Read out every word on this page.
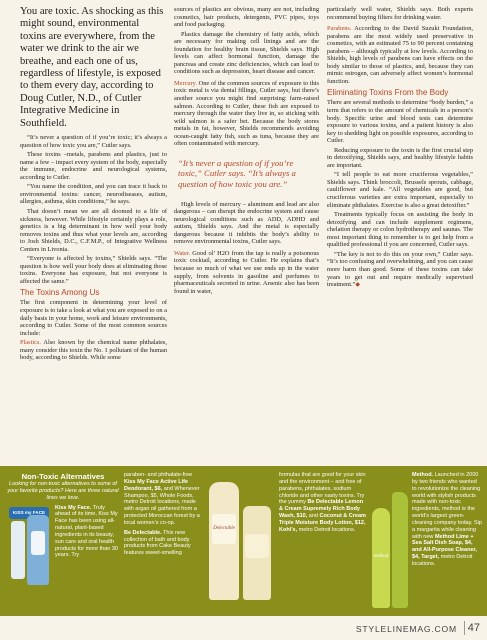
You are toxic. As shocking as this might sound, environmental toxins are everywhere, from the water we drink to the air we breathe, and each one of us, regardless of lifestyle, is exposed to them every day, according to Doug Cutler, N.D., of Cutler Integrative Medicine in Southfield.

“It’s never a question of if you’re toxic; it’s always a question of how toxic you are,” Cutler says.

These toxins –metals, parabens and plastics, just to name a few – impact every system of the body, especially the immune, endocrine and neurological systems, according to Cutler.

“You name the condition, and you can trace it back to environmental toxins: cancer, neurodiseases, autism, allergies, asthma, skin conditions,” he says.

That doesn’t mean we are all doomed to a life of sickness, however. While lifestyle certainly plays a role, genetics is a big determinant in how well your body removes toxins and thus what your levels are, according to Josh Shields, D.C., C.F.M.P., of Integrative Wellness Centers in Livonia.

“Everyone is affected by toxins,” Shields says. “The question is how well your body does at eliminating those toxins. Everyone has exposure, but not everyone is affected the same.”

The Toxins Among Us

The first component in determining your level of exposure is to take a look at what you are exposed to on a daily basis in your home, work and leisure environments, according to Cutler. Some of the most common sources include:

Plastics. Also known by the chemical name phthalates, many consider this toxin the No. 1 pollutant of the human body, according to Shields. While some

sources of plastics are obvious, many are not, including cosmetics, hair products, detergents, PVC pipes, toys and food packaging.

Plastics damage the chemistry of fatty acids, which are necessary for making cell linings and are the foundation for healthy brain tissue, Shields says. High levels can affect hormonal function, damage the pancreas and create zinc deficiencies, which can lead to conditions such as depression, heart disease and cancer.

Mercury. One of the common sources of exposure to this toxic metal is via dental fillings, Cutler says, but there’s another source you might find surprising: farm-raised salmon. According to Cutler, these fish are exposed to mercury through the water they live in, so sticking with wild salmon is a safer bet. Because the body stores metals in fat, however, Shields recommends avoiding ocean-caught fatty fish, such as tuna, because they are often contaminated with mercury.

“It’s never a question of if you’re toxic,” Cutler says. “It’s always a question of how toxic you are.”

High levels of mercury – aluminum and lead are also dangerous – can disrupt the endocrine system and cause neurological conditions such as ADD, ADHD and autism, Shields says. And the metal is especially dangerous because it inhibits the body’s ability to remove environmental toxins, Cutler says.

Water. Good ol’ H2O from the tap is really a poisonous toxic cocktail, according to Cutler. He explains that’s because so much of what we use ends up in the water supply, from solvents in gasoline and perfumes to pharmaceuticals secreted in urine. Arsenic also has been found in water,

particularly well water, Shields says. Both experts recommend buying filters for drinking water.

Parabens. According to the David Suzuki Foundation, parabens are the most widely used preservative in cosmetics, with an estimated 75 to 90 percent containing parabens – although typically at low levels. According to Shields, high levels of parabens can have effects on the body similar to those of plastics, and, because they can mimic estrogen, can adversely affect women’s hormonal function.

Eliminating Toxins From the Body

There are several methods to determine “body burden,” a term that refers to the amount of chemicals in a person’s body. Specific urine and blood tests can determine exposure to various toxins, and a patient history is also key to shedding light on possible exposures, according to Cutler.

Reducing exposure to the toxin is the first crucial step in detoxifying, Shields says, and healthy lifestyle habits are important.

“I tell people to eat more cruciferous vegetables,” Shields says. Think broccoli, Brussels sprouts, cabbage, cauliflower and kale. “All vegetables are good, but cruciferous varieties are extra important, especially to eliminate phthalates. Exercise is also a great detoxifier.”

Treatments typically focus on assisting the body in detoxifying and can include supplement regimens, chelation therapy or colon hydrotherapy and saunas. The most important thing to remember is to get help from a qualified professional if you are concerned, Cutler says.

“The key is not to do this on your own,” Cutler says. “It’s too confusing and overwhelming, and you can cause more harm than good. Some of these toxins can take years to get out and require medically supervised treatment.”◆

Non-Toxic Alternatives
Looking for non-toxic alternatives to some of your favorite products? Here are three natural lines we love.
KISS my FACE
Kiss My Face. Truly ahead of its time, Kiss My Face has been using all-natural, plant-based ingredients in its beauty, sun care and oral health products for more than 30 years. Try

paraben- and phthalate-free Kiss My Face Active Life Deodorant, $6, and Whenever Shampoo, $5, Whole Foods, metro Detroit locations, made with argan oil gathered from a protected Moroccan forest by a local women’s co-op.

Be Delectable. This new collection of bath and body products from Cake Beauty features sweet-smelling

Delectable

formulas that are good for your skin and the environment – and free of parabens, phthalates, sodium chloride and other nasty toxins. Try the yummy Be Delectable Lemon & Cream Supremely Rich Body Wash, $10, and Coconut & Cream Triple Moisture Body Lotion, $12, Kohl’s, metro Detroit locations.

method

Method. Launched in 2000 by two friends who wanted to revolutionize the cleaning world with stylish products made with non-toxic ingredients, method is the world’s largest green-cleaning company today. Sip a margarita while cleaning with new Method Lime + Sea Salt Dish Soap, $4, and All-Purpose Cleaner, $4, Target, metro Detroit locations.

STYLELINEMAG.COM 47
